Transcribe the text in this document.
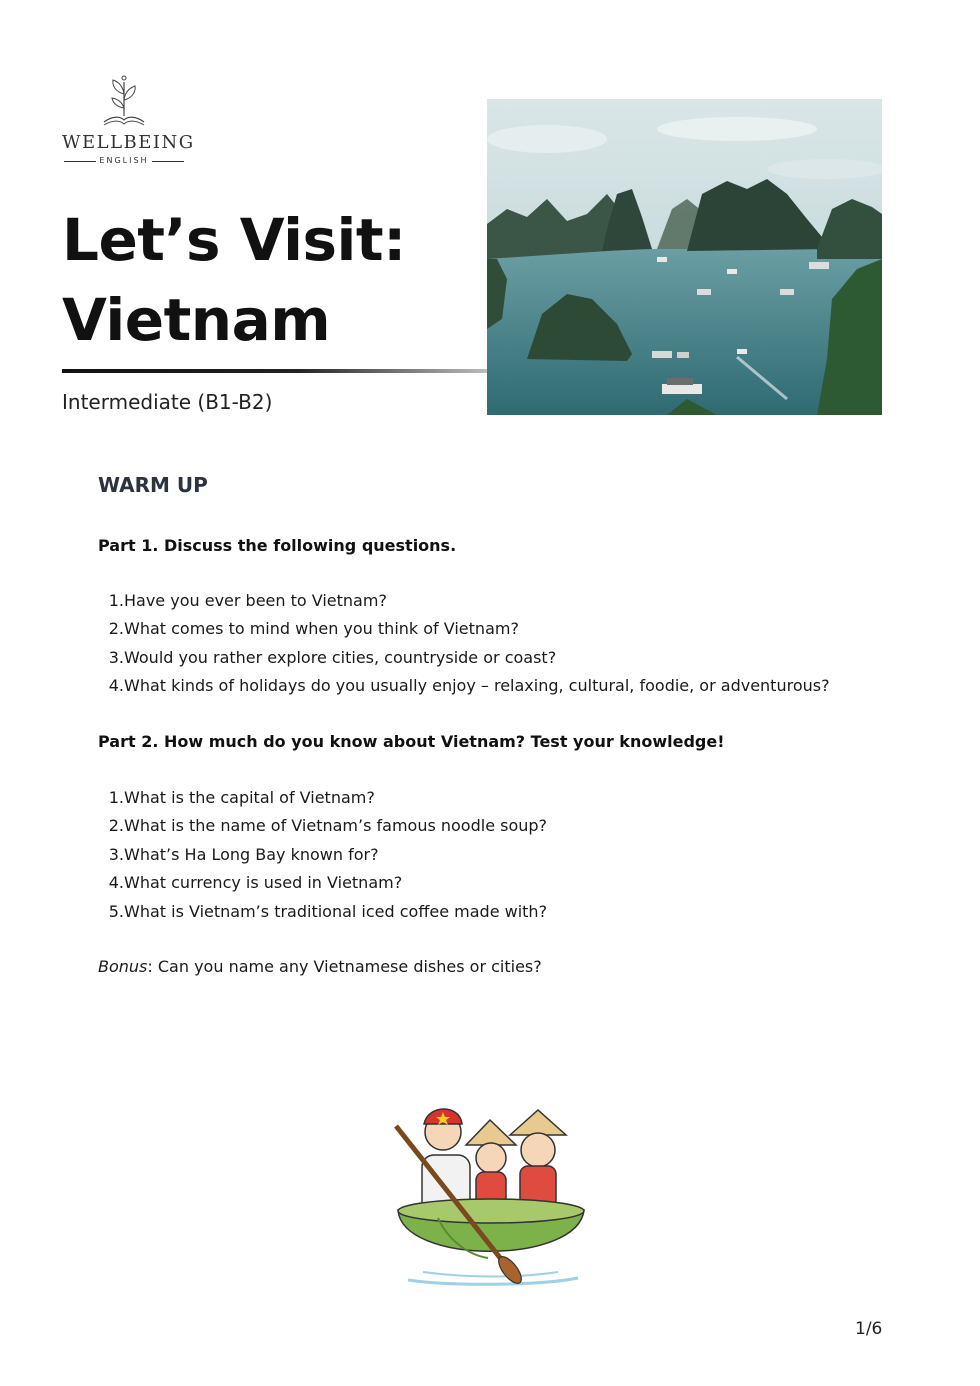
WELLBEING
ENGLISH
Let’s Visit:
Vietnam
Intermediate (B1-B2)
WARM UP
Part 1. Discuss the following questions.
1.Have you ever been to Vietnam?
2.What comes to mind when you think of Vietnam?
3.Would you rather explore cities, countryside or coast?
4.What kinds of holidays do you usually enjoy – relaxing, cultural, foodie, or adventurous?
Part 2. How much do you know about Vietnam? Test your knowledge!
1.What is the capital of Vietnam?
2.What is the name of Vietnam’s famous noodle soup?
3.What’s Ha Long Bay known for?
4.What currency is used in Vietnam?
5.What is Vietnam’s traditional iced coffee made with?
Bonus: Can you name any Vietnamese dishes or cities?
1/6
